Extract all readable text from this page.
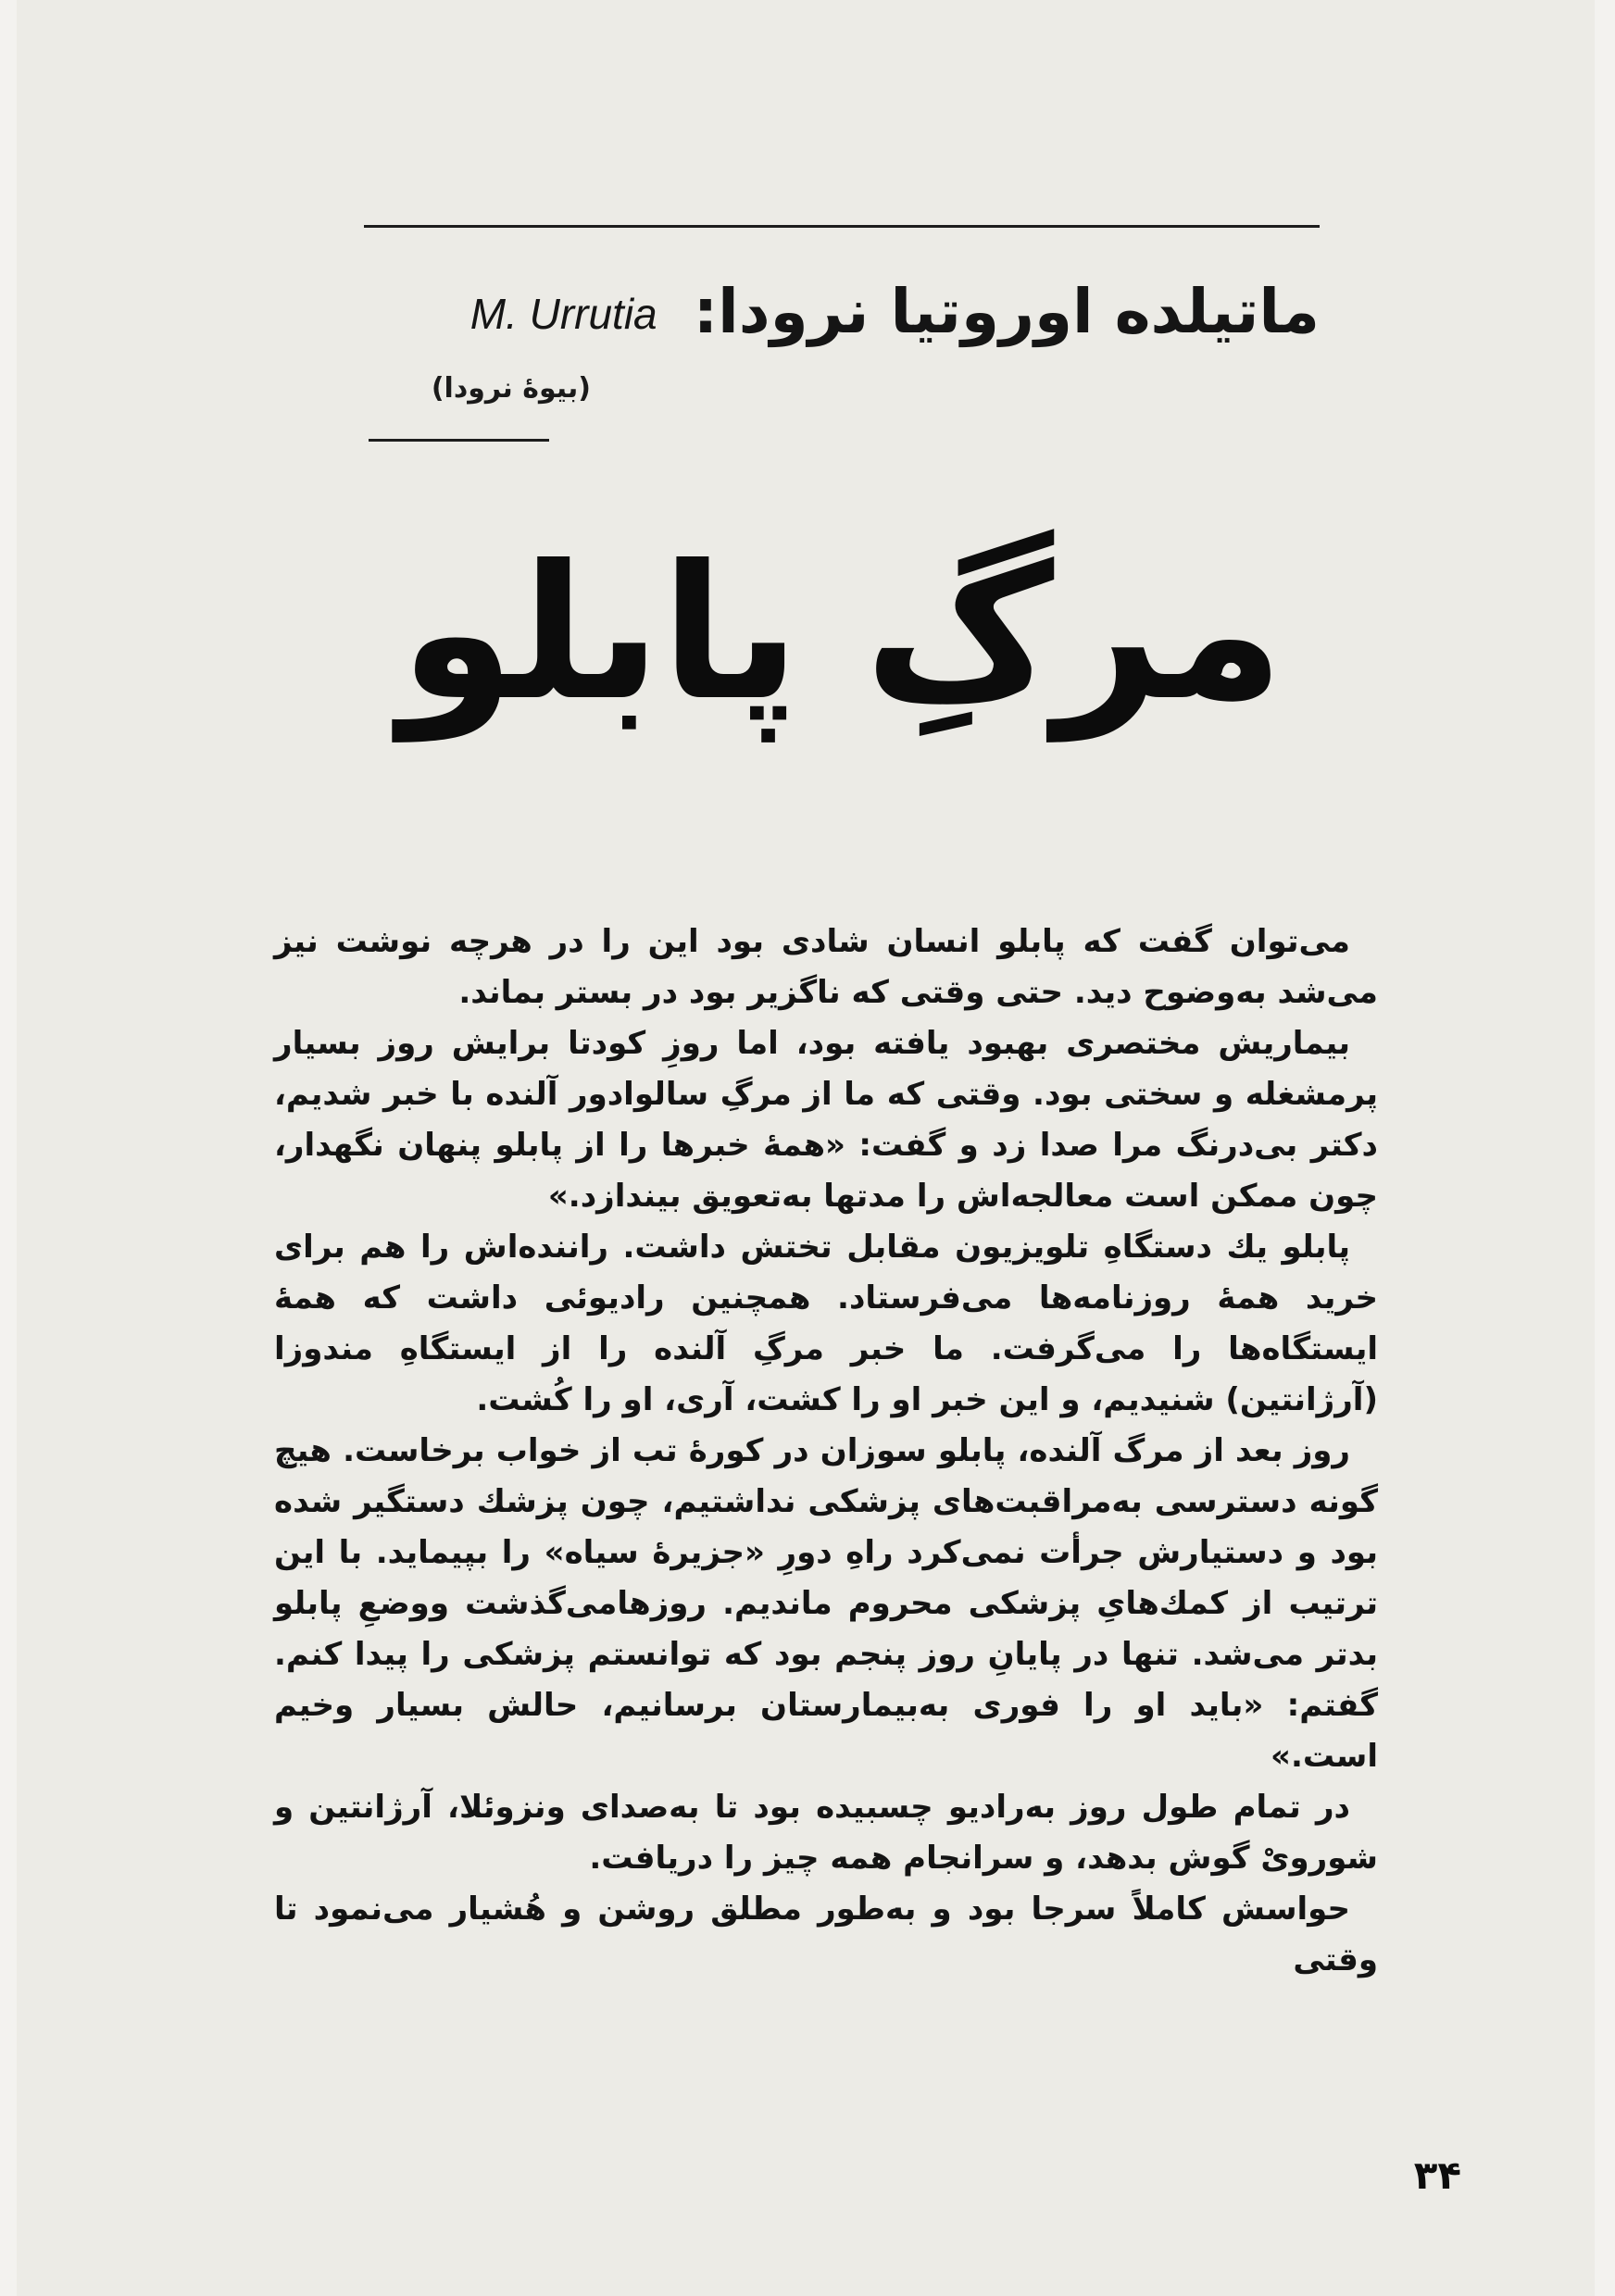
ماتیلده اوروتیا نرودا: M. Urrutia
(بیوهٔ نرودا)
مرگِ پابلو

می‌توان گفت که پابلو انسان شادی بود این را در هرچه نوشت نیز می‌شد به‌وضوح دید. حتی وقتی که ناگزیر بود در بستر بماند.

بیماریش مختصری بهبود یافته بود، اما روزِ کودتا برایش روز بسیار پرمشغله و سختی بود. وقتی که ما از مرگِ سالوادور آلنده با خبر شدیم، دکتر بی‌درنگ مرا صدا زد و گفت: «همهٔ خبرها را از پابلو پنهان نگهدار، چون ممکن است معالجه‌اش را مدتها به‌تعویق بیندازد.»

پابلو یك دستگاهِ تلویزیون مقابل تختش داشت. راننده‌اش را هم برای خرید همهٔ روزنامه‌ها می‌فرستاد. همچنین رادیوئی داشت که همهٔ ایستگاه‌ها را می‌گرفت. ما خبر مرگِ آلنده را از ایستگاهِ مندوزا (آرژانتین) شنیدیم، و این خبر او را کشت، آری، او را کُشت.

روز بعد از مرگ آلنده، پابلو سوزان در کورهٔ تب از خواب برخاست. هیچ گونه دسترسی به‌مراقبت‌های پزشکی نداشتیم، چون پزشك دستگیر شده بود و دستیارش جرأت نمی‌کرد راهِ دورِ «جزیرهٔ سیاه» را بپیماید. با این ترتیب از کمك‌هایِ پزشکی محروم ماندیم. روزهامی‌گذشت ووضعِ پابلو بدتر می‌شد. تنها در پایانِ روز پنجم بود که توانستم پزشکی را پیدا کنم. گفتم: «باید او را فوری به‌بیمارستان برسانیم، حالش بسیار وخیم است.»

در تمام طول روز به‌رادیو چسبیده بود تا به‌صدای ونزوئلا، آرژانتین و شورویْ گوش بدهد، و سرانجام همه چیز را دریافت.

حواسش کاملاً سرجا بود و به‌طور مطلق روشن و هُشیار می‌نمود تا وقتی

۳۴
